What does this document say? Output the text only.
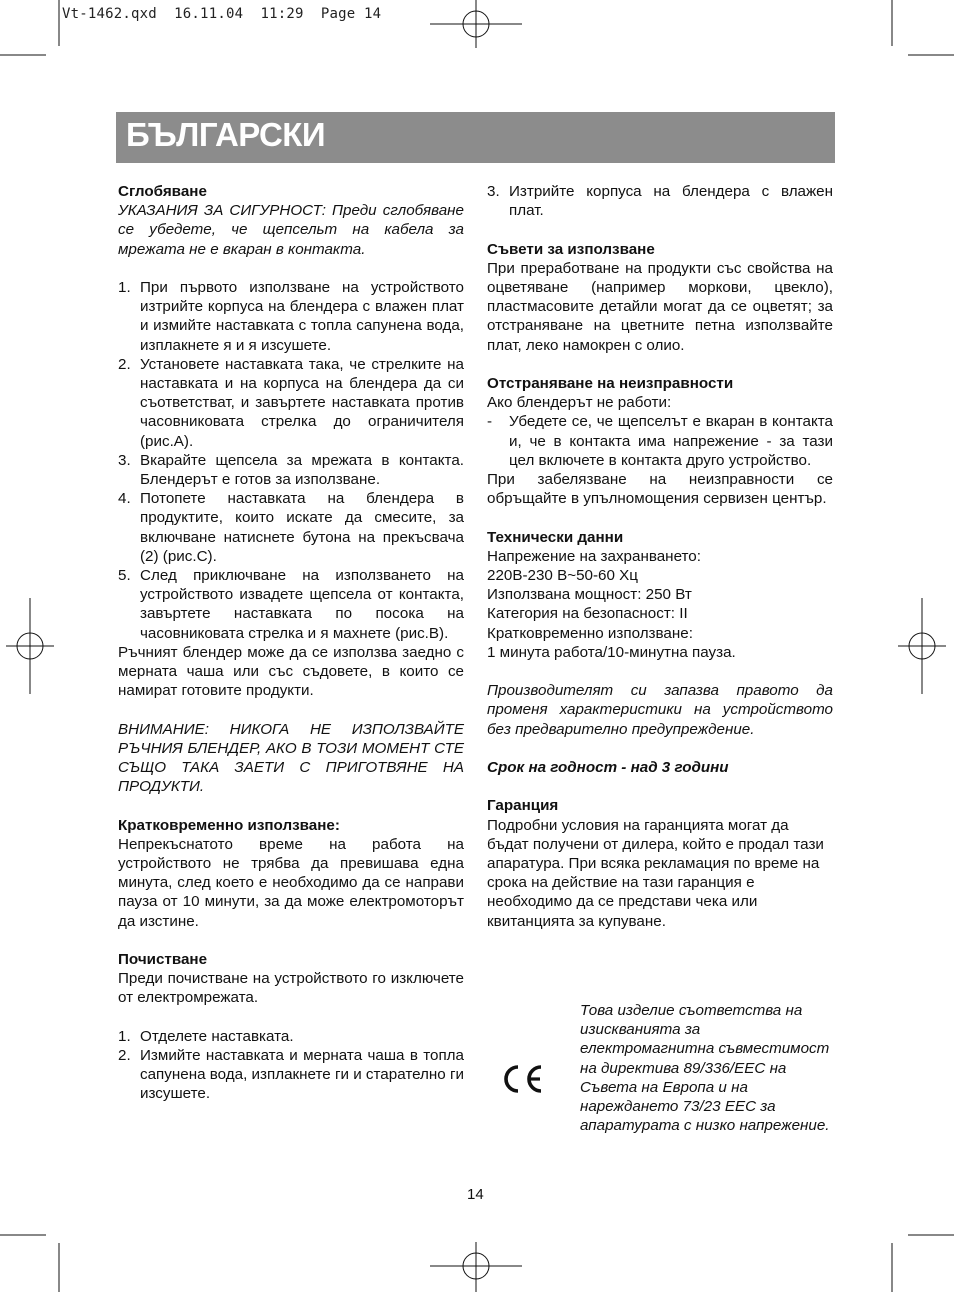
Vt-1462.qxd  16.11.04  11:29  Page 14
БЪЛГАРСКИ

Сглобяване

УКАЗАНИЯ ЗА СИГУРНОСТ: Преди сглобяване се убедете, че щепсельт на кабела за мрежата не е вкаран в контакта.

1. При първото използване на устройството изтрийте корпуса на блендера с влажен плат и измийте наставката с топла сапунена вода, изплакнете я и я изсушете.
2. Установете наставката така, че стрелките на наставката и на корпуса на блендера да си съответстват, и завъртете наставката против часовниковата стрелка до ограничителя (рис.А).
3. Вкарайте щепсела за мрежата в контакта. Блендерът е готов за използване.
4. Потопете наставката на блендера в продуктите, които искате да смесите, за включване натиснете бутона на прекъсвача (2) (рис.С).
5. След приключване на използването на устройството извадете щепсела от контакта, завъртете наставката по посока на часовниковата стрелка и я махнете (рис.В).

Ръчният блендер може да се използва заедно с мерната чаша или със съдовете, в които се намират готовите продукти.

ВНИМАНИЕ: НИКОГА НЕ ИЗПОЛЗВАЙТЕ РЪЧНИЯ БЛЕНДЕР, АКО В ТОЗИ МОМЕНТ СТЕ СЪЩО ТАКА ЗАЕТИ С ПРИГОТВЯНЕ НА ПРОДУКТИ.

Кратковременно използване:

Непрекъснатото време на работа на устройството не трябва да превишава една минута, след което е необходимо да се направи пауза от 10 минути, за да може електромоторът да изстине.

Почистване

Преди почистване на устройството го изключете от електромрежата.

1. Отделете наставката.
2. Измийте наставката и мерната чаша в топла сапунена вода, изплакнете ги и старателно ги изсушете.
3. Изтрийте корпуса на блендера с влажен плат.

Съвети за използване

При преработване на продукти със свойства на оцветяване (например моркови, цвекло), пластмасовите детайли могат да се оцветят; за отстраняване на цветните петна използвайте плат, леко намокрен с олио.

Отстраняване на неизправности

Ако блендерът не работи:

- Убедете се, че щепселът е вкаран в контакта и, че в контакта има напрежение - за тази цел включете в контакта друго устройство.

При забелязване на неизправности се обръщайте в упълномощения сервизен център.

Технически данни

Напрежение на захранването:

220В-230 В~50-60 Хц

Използвана мощност: 250 Вт

Категория на безопасност: II

Кратковременно използване:

1 минута работа/10-минутна пауза.

Производителят си запазва правото да променя характеристики на устройството без предварително предупреждение.

Срок на годност - над 3 години

Гаранция

Подробни условия на гаранцията могат да бъдат получени от дилера, който е продал тази апаратура. При всяка рекламация по време на срока на действие на тази гаранция е необходимо да се представи чека или квитанцията за купуване.

Това изделие съответства на изискванията за електромагнитна съвместимост на директива 89/336/ЕЕС на Съвета на Европа и на нареждането 73/23 ЕЕС за апаратурата с низко напрежение.
14
